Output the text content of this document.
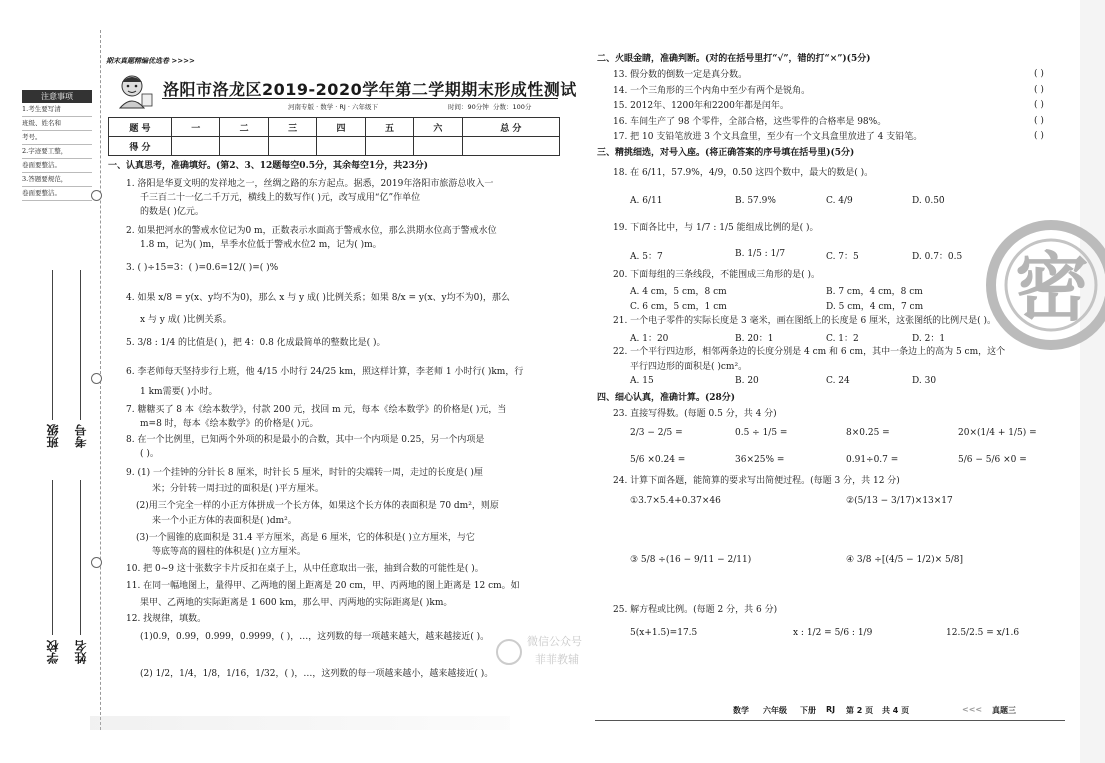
注意事项
1.考生要写清
班级、姓名和
考号。
2.字迹要工整，
卷面要整洁。
3.答题要规范，
卷面要整洁。
班级 考号
学校 姓名
期末真题精编优选卷 >>>>
洛阳市洛龙区2019-2020学年第二学期期末形成性测试
河南专版 · 数学 · RJ · 六年级下	时间：90分钟 分数：100分
题 号	一	二	三	四	五	六	总 分
得 分							
一、认真思考，准确填好。(第2、3、12题每空0.5分，其余每空1分，共23分)
1. 洛阳是华夏文明的发祥地之一，丝绸之路的东方起点。据悉，2019年洛阳市旅游总收入一
千三百二十一亿二千万元，横线上的数写作( )元，改写成用“亿”作单位
的数是( )亿元。
2. 如果把河水的警戒水位记为0 m，正数表示水面高于警戒水位，那么洪期水位高于警戒水位
1.8 m，记为( )m，旱季水位低于警戒水位2 m，记为( )m。
3. ( )÷15=3：( )=0.6=12/( )=( )%
4. 如果 x/8 = y(x、y均不为0)，那么 x 与 y 成( )比例关系；如果 8/x = y(x、y均不为0)，那么
x 与 y 成( )比例关系。
5. 3/8 : 1/4 的比值是( )，把 4：0.8 化成最简单的整数比是( )。
6. 李老师每天坚持步行上班，他 4/15 小时行 24/25 km，照这样计算，李老师 1 小时行( )km，行
1 km需要( )小时。
7. 糖糖买了 8 本《绘本数学》，付款 200 元，找回 m 元，每本《绘本数学》的价格是( )元，当
m=8 时，每本《绘本数学》的价格是( )元。
8. 在一个比例里，已知两个外项的积是最小的合数，其中一个内项是 0.25，另一个内项是
( )。
9. (1) 一个挂钟的分针长 8 厘米，时针长 5 厘米，时针的尖端转一周，走过的长度是( )厘
米；分针转一周扫过的面积是( )平方厘米。
(2)用三个完全一样的小正方体拼成一个长方体，如果这个长方体的表面积是 70 dm²，则原
来一个小正方体的表面积是( )dm²。
(3)一个圆锥的底面积是 31.4 平方厘米，高是 6 厘米，它的体积是( )立方厘米，与它
等底等高的圆柱的体积是( )立方厘米。
10. 把 0~9 这十张数字卡片反扣在桌子上，从中任意取出一张，抽到合数的可能性是( )。
11. 在同一幅地图上，量得甲、乙两地的图上距离是 20 cm，甲、丙两地的图上距离是 12 cm。如
果甲、乙两地的实际距离是 1 600 km，那么甲、丙两地的实际距离是( )km。
12. 找规律，填数。
(1)0.9，0.99，0.999，0.9999，( )，…，这列数的每一项越来越大，越来越接近( )。
(2) 1/2，1/4，1/8，1/16，1/32，( )，…，这列数的每一项越来越小，越来越接近( )。
微信公众号
菲菲教辅
二、火眼金睛，准确判断。(对的在括号里打“√”，错的打“×”)(5分)
13. 假分数的倒数一定是真分数。	( )
14. 一个三角形的三个内角中至少有两个是锐角。	( )
15. 2012年、1200年和2200年都是闰年。	( )
16. 车间生产了 98 个零件，全部合格，这些零件的合格率是 98%。	( )
17. 把 10 支铅笔放进 3 个文具盒里，至少有一个文具盒里放进了 4 支铅笔。	( )
三、精挑细选，对号入座。(将正确答案的序号填在括号里)(5分)
18. 在 6/11，57.9%，4/9，0.5̇0̇ 这四个数中，最大的数是( )。
A. 6/11	B. 57.9%	C. 4/9	D. 0.5̇0̇
19. 下面各比中，与 1/7 : 1/5 能组成比例的是( )。
A. 5：7	B. 1/5 : 1/7	C. 7：5	D. 0.7：0.5
20. 下面每组的三条线段，不能围成三角形的是( )。
A. 4 cm，5 cm，8 cm	B. 7 cm，4 cm，8 cm
C. 6 cm，5 cm，1 cm	D. 5 cm，4 cm，7 cm
21. 一个电子零件的实际长度是 3 毫米，画在图纸上的长度是 6 厘米，这张图纸的比例尺是( )。
A. 1：20	B. 20：1	C. 1：2	D. 2：1
22. 一个平行四边形，相邻两条边的长度分别是 4 cm 和 6 cm，其中一条边上的高为 5 cm，这个
平行四边形的面积是( )cm²。
A. 15	B. 20	C. 24	D. 30
四、细心认真，准确计算。(28分)
23. 直接写得数。(每题 0.5 分，共 4 分)
2/3 − 2/5 =	0.5 ÷ 1/5 =	8×0.25 =	20×(1/4 + 1/5) =
5/6 ×0.24 =	36×25% =	0.91÷0.7 =	5/6 − 5/6 ×0 =
24. 计算下面各题，能简算的要求写出简便过程。(每题 3 分，共 12 分)
①3.7×5.4+0.37×46	②(5/13 − 3/17)×13×17
③ 5/8 ÷(16 − 9/11 − 2/11)	④ 3/8 ÷[(4/5 − 1/2)× 5/8]
25. 解方程或比例。(每题 2 分，共 6 分)
5(x+1.5)=17.5	x : 1/2 = 5/6 : 1/9	12.5/2.5 = x/1.6
密
数学 六年级 下册 RJ 第 2 页 共 4 页	<<< 真题三
